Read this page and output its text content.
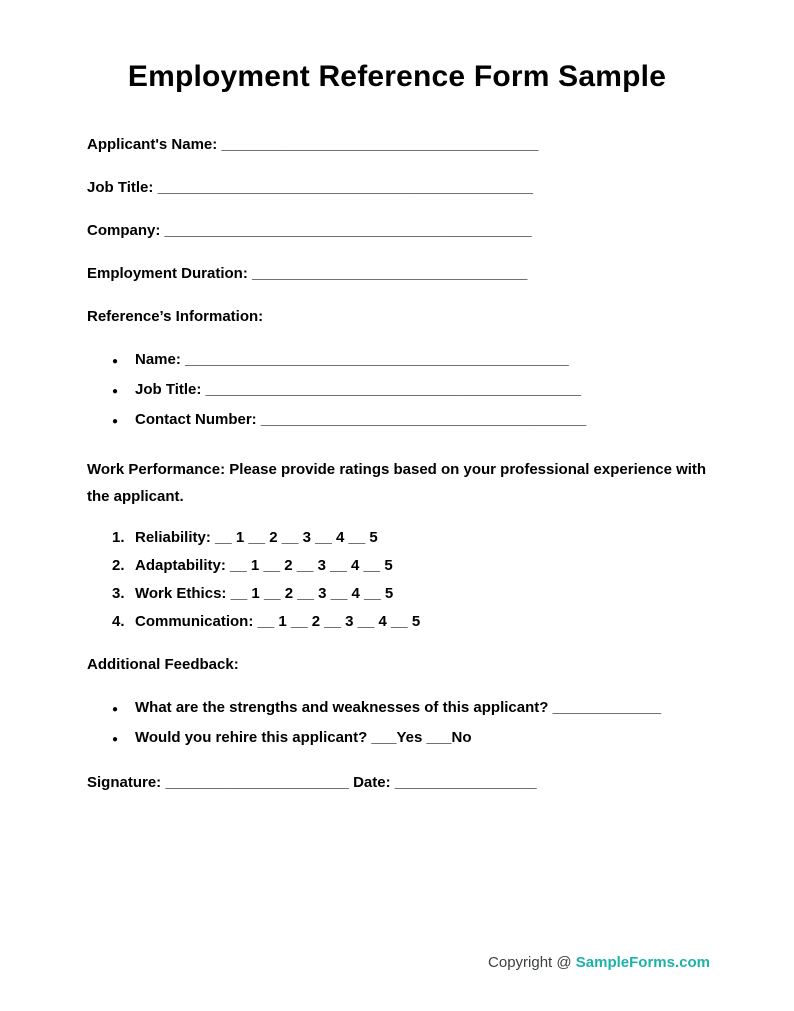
Employment Reference Form Sample
Applicant's Name: ______________________________________
Job Title: _____________________________________________
Company: ____________________________________________
Employment Duration: _________________________________
Reference’s Information:
●	Name: ______________________________________________
●	Job Title: _____________________________________________
●	Contact Number: _______________________________________
Work Performance: Please provide ratings based on your professional experience with the applicant.
1. Reliability: __ 1 __ 2 __ 3 __ 4 __ 5
2. Adaptability: __ 1 __ 2 __ 3 __ 4 __ 5
3. Work Ethics: __ 1 __ 2 __ 3 __ 4 __ 5
4. Communication: __ 1 __ 2 __ 3 __ 4 __ 5
Additional Feedback:
●	What are the strengths and weaknesses of this applicant? _____________
●	Would you rehire this applicant? ___Yes ___No
Signature: ______________________ Date: _________________
Copyright @ SampleForms.com
